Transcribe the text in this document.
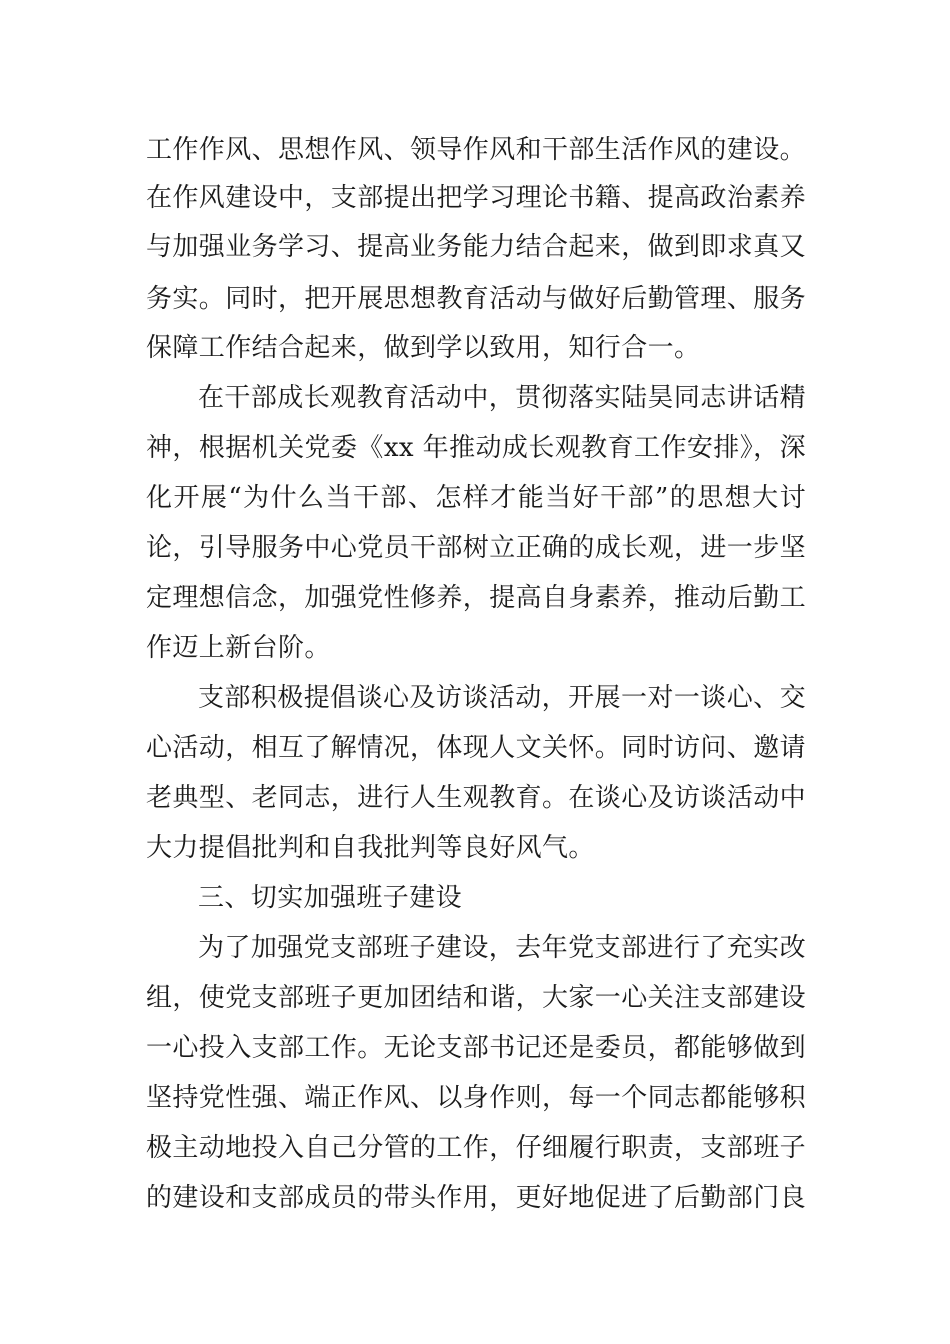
工作作风、思想作风、领导作风和干部生活作风的建设。
在作风建设中，支部提出把学习理论书籍、提高政治素养
与加强业务学习、提高业务能力结合起来，做到即求真又
务实。同时，把开展思想教育活动与做好后勤管理、服务
保障工作结合起来，做到学以致用，知行合一。
在干部成长观教育活动中，贯彻落实陆昊同志讲话精
神，根据机关党委《xx 年推动成长观教育工作安排》，深
化开展“为什么当干部、怎样才能当好干部”的思想大讨
论，引导服务中心党员干部树立正确的成长观，进一步坚
定理想信念，加强党性修养，提高自身素养，推动后勤工
作迈上新台阶。
支部积极提倡谈心及访谈活动，开展一对一谈心、交
心活动，相互了解情况，体现人文关怀。同时访问、邀请
老典型、老同志，进行人生观教育。在谈心及访谈活动中
大力提倡批判和自我批判等良好风气。
三、切实加强班子建设
为了加强党支部班子建设，去年党支部进行了充实改
组，使党支部班子更加团结和谐，大家一心关注支部建设
一心投入支部工作。无论支部书记还是委员，都能够做到
坚持党性强、端正作风、以身作则，每一个同志都能够积
极主动地投入自己分管的工作，仔细履行职责，支部班子
的建设和支部成员的带头作用，更好地促进了后勤部门良
